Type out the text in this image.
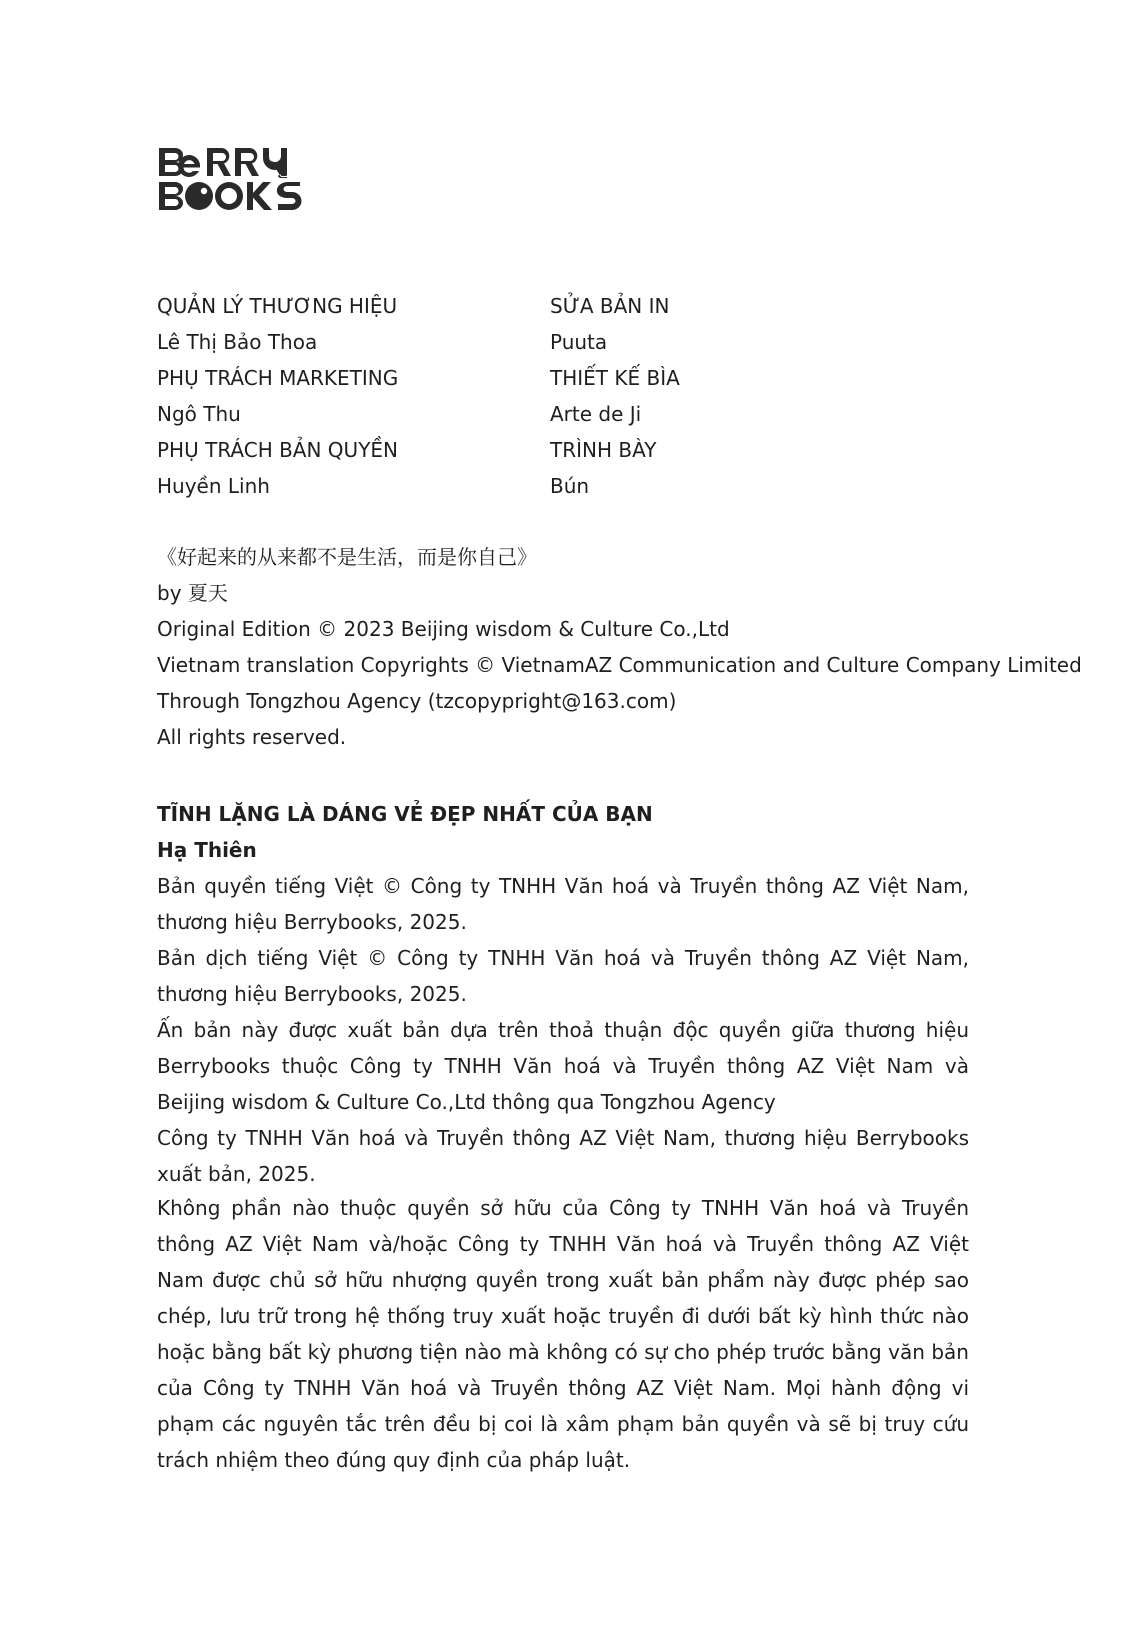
QUẢN LÝ THƯƠNG HIỆU	SỬA BẢN IN
Lê Thị Bảo Thoa	Puuta
PHỤ TRÁCH MARKETING	THIẾT KẾ BÌA
Ngô Thu	Arte de Ji
PHỤ TRÁCH BẢN QUYỀN	TRÌNH BÀY
Huyền Linh	Bún
《好起来的从来都不是生活，而是你自己》
by 夏天
Original Edition © 2023 Beijing wisdom & Culture Co.,Ltd
Vietnam translation Copyrights © VietnamAZ Communication and Culture Company Limited
Through Tongzhou Agency (tzcopypright@163.com)
All rights reserved.
TĨNH LẶNG LÀ DÁNG VẺ ĐẸP NHẤT CỦA BẠN
Hạ Thiên
Bản quyền tiếng Việt © Công ty TNHH Văn hoá và Truyền thông AZ Việt Nam, thương hiệu Berrybooks, 2025.
Bản dịch tiếng Việt © Công ty TNHH Văn hoá và Truyền thông AZ Việt Nam, thương hiệu Berrybooks, 2025.
Ấn bản này được xuất bản dựa trên thoả thuận độc quyền giữa thương hiệu Berrybooks thuộc Công ty TNHH Văn hoá và Truyền thông AZ Việt Nam và Beijing wisdom & Culture Co.,Ltd thông qua Tongzhou Agency
Công ty TNHH Văn hoá và Truyền thông AZ Việt Nam, thương hiệu Berrybooks xuất bản, 2025.
Không phần nào thuộc quyền sở hữu của Công ty TNHH Văn hoá và Truyền thông AZ Việt Nam và/hoặc Công ty TNHH Văn hoá và Truyền thông AZ Việt Nam được chủ sở hữu nhượng quyền trong xuất bản phẩm này được phép sao chép, lưu trữ trong hệ thống truy xuất hoặc truyền đi dưới bất kỳ hình thức nào hoặc bằng bất kỳ phương tiện nào mà không có sự cho phép trước bằng văn bản của Công ty TNHH Văn hoá và Truyền thông AZ Việt Nam. Mọi hành động vi phạm các nguyên tắc trên đều bị coi là xâm phạm bản quyền và sẽ bị truy cứu trách nhiệm theo đúng quy định của pháp luật.
